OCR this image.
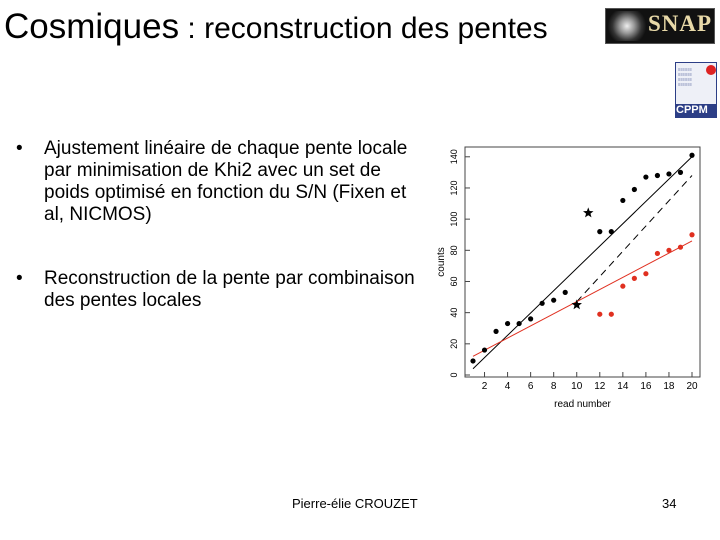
Cosmiques : reconstruction des pentes	SNAP
≡≡≡≡≡≡
≡≡≡≡≡≡
≡≡≡≡≡≡
≡≡≡≡≡≡
CPPM
• Ajustement linéaire de chaque pente locale par minimisation de Khi2 avec un set de poids optimisé en fonction du S/N (Fixen et al, NICMOS)
• Reconstruction de la pente par combinaison des pentes locales
2 4 6 8 10 12 14 16 18 20
0
20
40
60
80
100
120
140
read number
counts
Pierre-élie CROUZET	34
